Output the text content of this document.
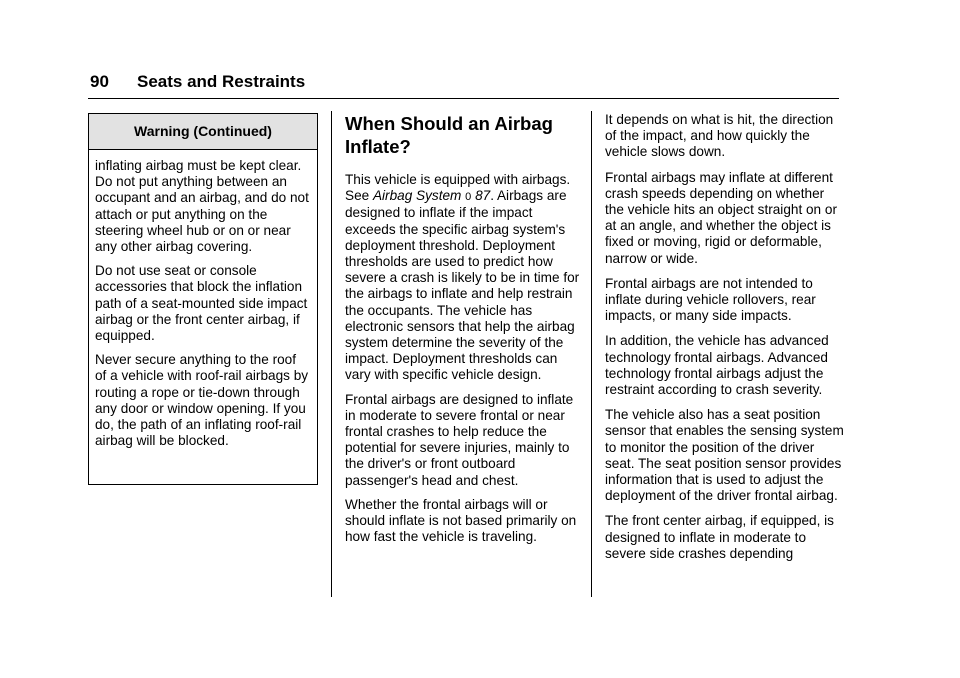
90 Seats and Restraints
Warning (Continued)

inflating airbag must be kept clear. Do not put anything between an occupant and an airbag, and do not attach or put anything on the steering wheel hub or on or near any other airbag covering.

Do not use seat or console accessories that block the inflation path of a seat-mounted side impact airbag or the front center airbag, if equipped.

Never secure anything to the roof of a vehicle with roof-rail airbags by routing a rope or tie-down through any door or window opening. If you do, the path of an inflating roof-rail airbag will be blocked.

When Should an Airbag
Inflate?

This vehicle is equipped with airbags. See Airbag System 0 87. Airbags are designed to inflate if the impact exceeds the specific airbag system's deployment threshold. Deployment thresholds are used to predict how severe a crash is likely to be in time for the airbags to inflate and help restrain the occupants. The vehicle has electronic sensors that help the airbag system determine the severity of the impact. Deployment thresholds can vary with specific vehicle design.

Frontal airbags are designed to inflate in moderate to severe frontal or near frontal crashes to help reduce the potential for severe injuries, mainly to the driver's or front outboard passenger's head and chest.

Whether the frontal airbags will or should inflate is not based primarily on how fast the vehicle is traveling.

It depends on what is hit, the direction of the impact, and how quickly the vehicle slows down.

Frontal airbags may inflate at different crash speeds depending on whether the vehicle hits an object straight on or at an angle, and whether the object is fixed or moving, rigid or deformable, narrow or wide.

Frontal airbags are not intended to inflate during vehicle rollovers, rear impacts, or many side impacts.

In addition, the vehicle has advanced technology frontal airbags. Advanced technology frontal airbags adjust the restraint according to crash severity.

The vehicle also has a seat position sensor that enables the sensing system to monitor the position of the driver seat. The seat position sensor provides information that is used to adjust the deployment of the driver frontal airbag.

The front center airbag, if equipped, is designed to inflate in moderate to severe side crashes depending
